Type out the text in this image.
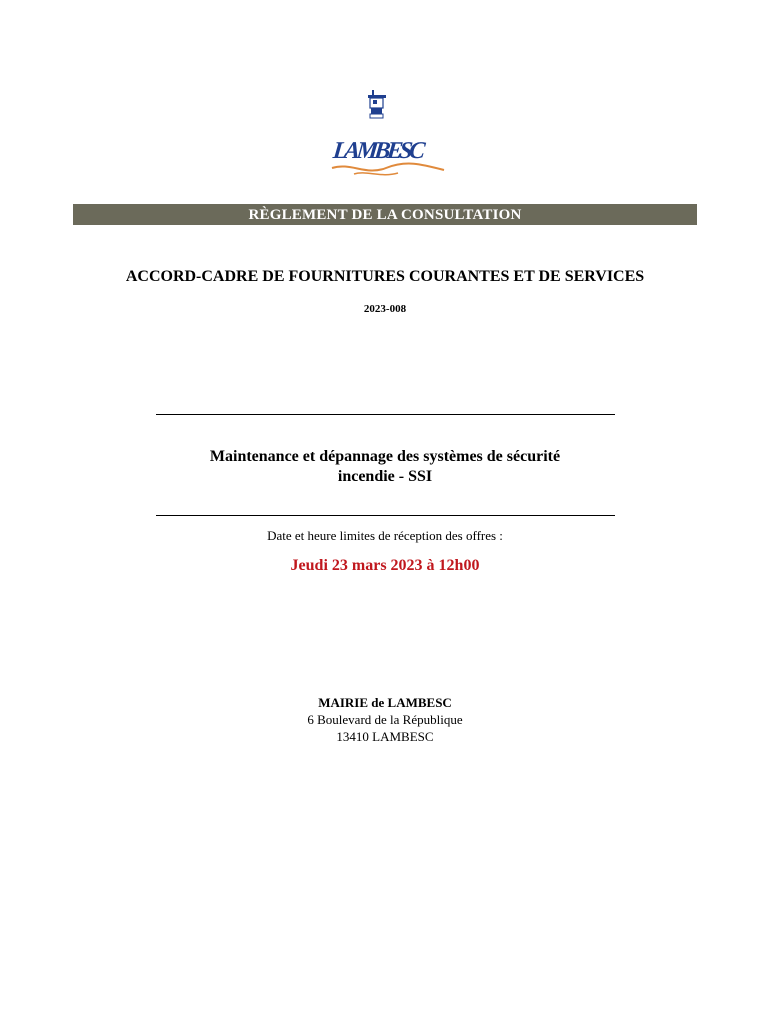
LAMBESC
RÈGLEMENT DE LA CONSULTATION
ACCORD-CADRE DE FOURNITURES COURANTES ET DE SERVICES
2023-008
Maintenance et dépannage des systèmes de sécurité
incendie - SSI
Date et heure limites de réception des offres :
Jeudi 23 mars 2023 à 12h00
MAIRIE de LAMBESC
6 Boulevard de la République
13410 LAMBESC
